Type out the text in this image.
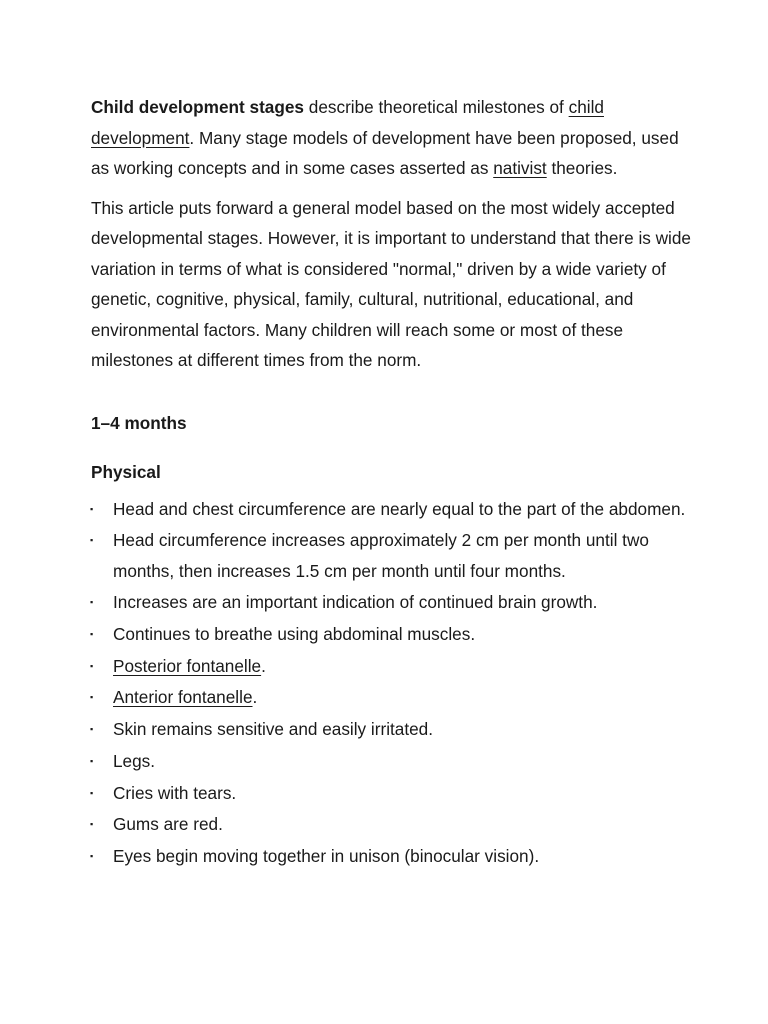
Child development stages describe theoretical milestones of child development. Many stage models of development have been proposed, used as working concepts and in some cases asserted as nativist theories.

This article puts forward a general model based on the most widely accepted developmental stages. However, it is important to understand that there is wide variation in terms of what is considered "normal," driven by a wide variety of genetic, cognitive, physical, family, cultural, nutritional, educational, and environmental factors. Many children will reach some or most of these milestones at different times from the norm.

1–4 months

Physical

▪ Head and chest circumference are nearly equal to the part of the abdomen.
▪ Head circumference increases approximately 2 cm per month until two months, then increases 1.5 cm per month until four months.
▪ Increases are an important indication of continued brain growth.
▪ Continues to breathe using abdominal muscles.
▪ Posterior fontanelle.
▪ Anterior fontanelle.
▪ Skin remains sensitive and easily irritated.
▪ Legs.
▪ Cries with tears.
▪ Gums are red.
▪ Eyes begin moving together in unison (binocular vision).
